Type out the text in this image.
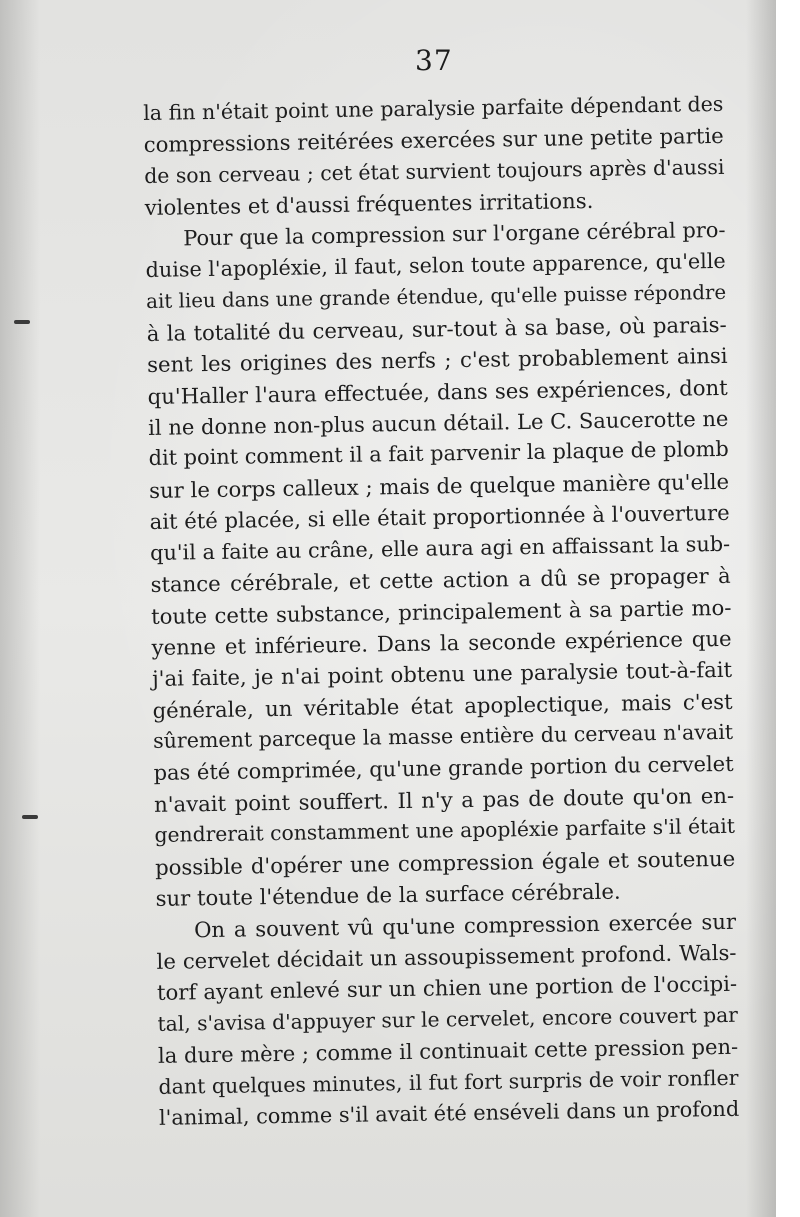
37

la fin n'était point une paralysie parfaite dépendant des
compressions reitérées exercées sur une petite partie
de son cerveau ; cet état survient toujours après d'aussi
violentes et d'aussi fréquentes irritations.

Pour que la compression sur l'organe cérébral pro-
duise l'apopléxie, il faut, selon toute apparence, qu'elle
ait lieu dans une grande étendue, qu'elle puisse répondre
à la totalité du cerveau, sur-tout à sa base, où parais-
sent les origines des nerfs ; c'est probablement ainsi
qu'Haller l'aura effectuée, dans ses expériences, dont
il ne donne non-plus aucun détail. Le C. Saucerotte ne
dit point comment il a fait parvenir la plaque de plomb
sur le corps calleux ; mais de quelque manière qu'elle
ait été placée, si elle était proportionnée à l'ouverture
qu'il a faite au crâne, elle aura agi en affaissant la sub-
stance cérébrale, et cette action a dû se propager à
toute cette substance, principalement à sa partie mo-
yenne et inférieure. Dans la seconde expérience que
j'ai faite, je n'ai point obtenu une paralysie tout-à-fait
générale, un véritable état apoplectique, mais c'est
sûrement parceque la masse entière du cerveau n'avait
pas été comprimée, qu'une grande portion du cervelet
n'avait point souffert. Il n'y a pas de doute qu'on en-
gendrerait constamment une apopléxie parfaite s'il était
possible d'opérer une compression égale et soutenue
sur toute l'étendue de la surface cérébrale.

On a souvent vû qu'une compression exercée sur
le cervelet décidait un assoupissement profond. Wals-
torf ayant enlevé sur un chien une portion de l'occipi-
tal, s'avisa d'appuyer sur le cervelet, encore couvert par
la dure mère ; comme il continuait cette pression pen-
dant quelques minutes, il fut fort surpris de voir ronfler
l'animal, comme s'il avait été enséveli dans un profond
